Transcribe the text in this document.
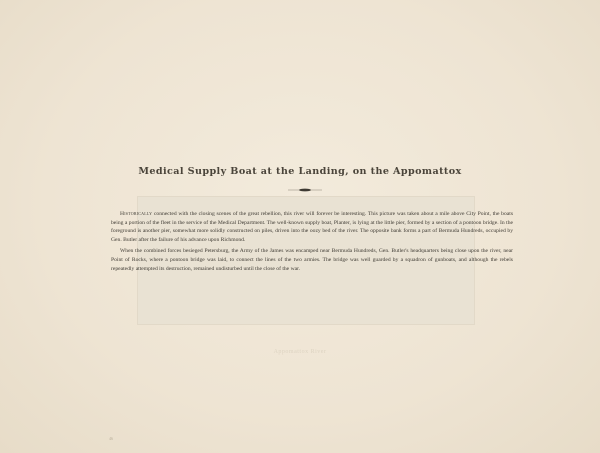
Medical Supply Boat at the Landing, on the Appomattox

Historically connected with the closing scenes of the great rebellion, this river will forever be interesting. This picture was taken about a mile above City Point, the boats being a portion of the fleet in the service of the Medical Department. The well-known supply boat, Planter, is lying at the little pier, formed by a section of a pontoon bridge. In the foreground is another pier, somewhat more solidly constructed on piles, driven into the oozy bed of the river. The opposite bank forms a part of Bermuda Hundreds, occupied by Gen. Butler after the failure of his advance upon Richmond.

When the combined forces besieged Petersburg, the Army of the James was encamped near Bermuda Hundreds, Gen. Butler's headquarters being close upon the river, near Point of Rocks, where a pontoon bridge was laid, to connect the lines of the two armies. The bridge was well guarded by a squadron of gunboats, and although the rebels repeatedly attempted its destruction, remained undisturbed until the close of the war.

Appomattox River
46
